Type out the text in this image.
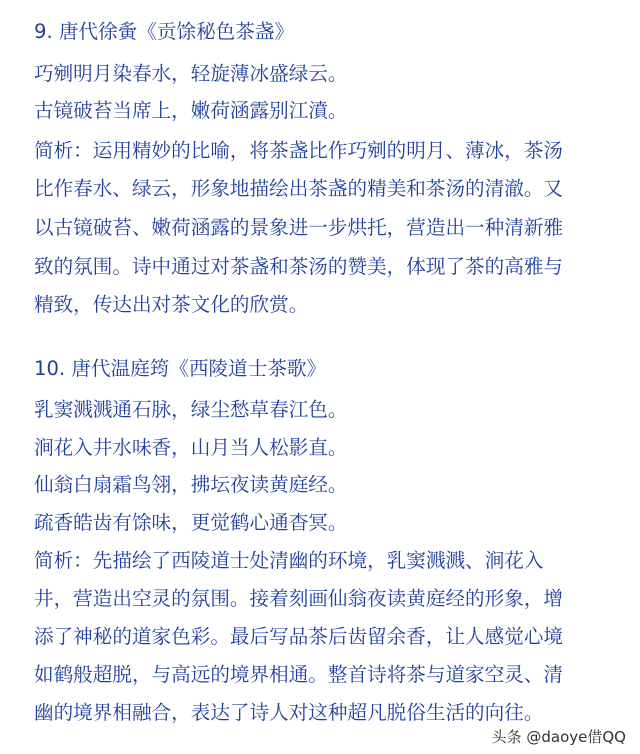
9. 唐代徐夤《贡馀秘色茶盏》
巧剜明月染春水，轻旋薄冰盛绿云。
古镜破苔当席上，嫩荷涵露别江濆。
简析：运用精妙的比喻，将茶盏比作巧剜的明月、薄冰，茶汤
比作春水、绿云，形象地描绘出茶盏的精美和茶汤的清澈。又
以古镜破苔、嫩荷涵露的景象进一步烘托，营造出一种清新雅
致的氛围。诗中通过对茶盏和茶汤的赞美，体现了茶的高雅与
精致，传达出对茶文化的欣赏。
10. 唐代温庭筠《西陵道士茶歌》
乳窦溅溅通石脉，绿尘愁草春江色。
涧花入井水味香，山月当人松影直。
仙翁白扇霜鸟翎，拂坛夜读黄庭经。
疏香皓齿有馀味，更觉鹤心通杳冥。
简析：先描绘了西陵道士处清幽的环境，乳窦溅溅、涧花入
井，营造出空灵的氛围。接着刻画仙翁夜读黄庭经的形象，增
添了神秘的道家色彩。最后写品茶后齿留余香，让人感觉心境
如鹤般超脱，与高远的境界相通。整首诗将茶与道家空灵、清
幽的境界相融合，表达了诗人对这种超凡脱俗生活的向往。
头条 @daoye借QQ
